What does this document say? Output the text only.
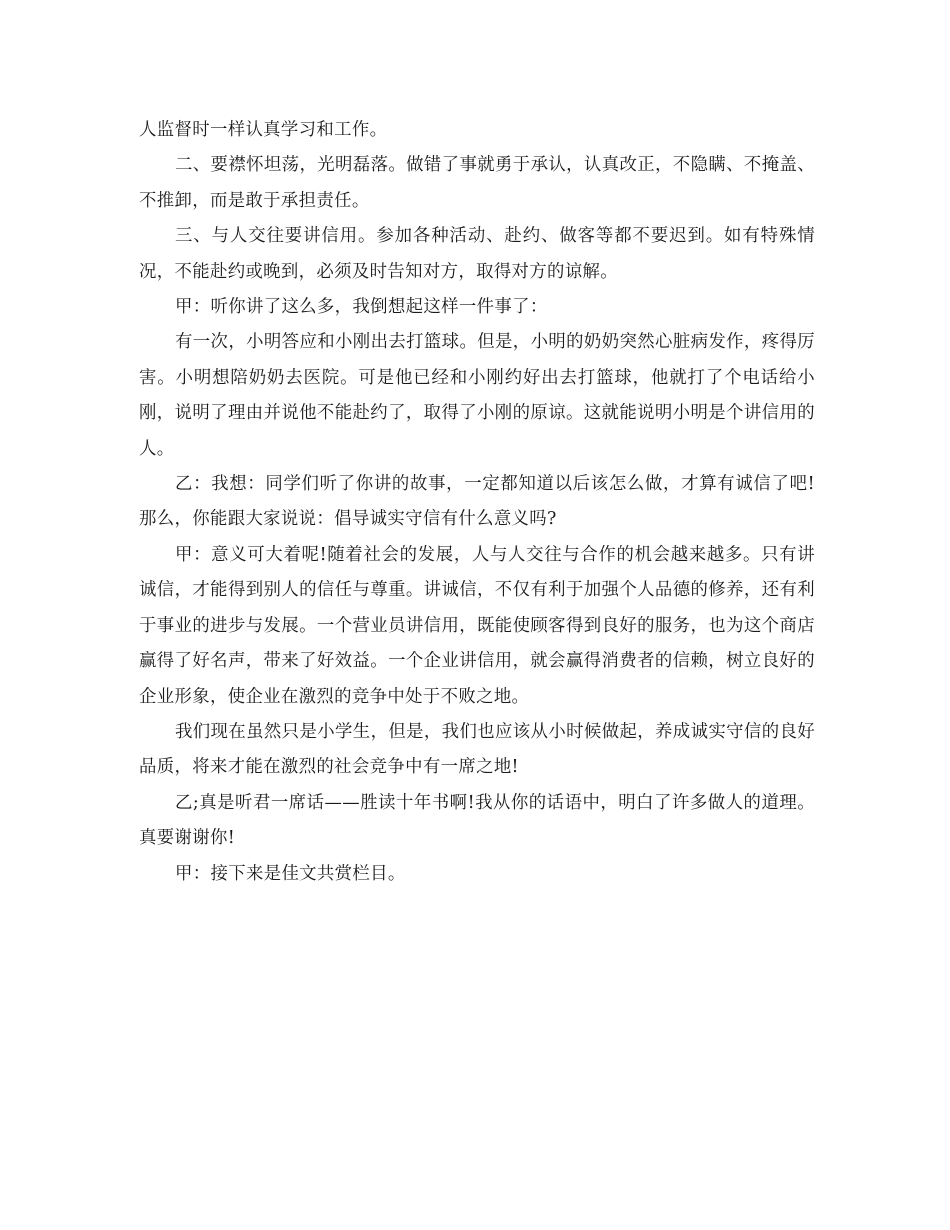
人监督时一样认真学习和工作。

二、要襟怀坦荡，光明磊落。做错了事就勇于承认，认真改正，不隐瞒、不掩盖、不推卸，而是敢于承担责任。

三、与人交往要讲信用。参加各种活动、赴约、做客等都不要迟到。如有特殊情况，不能赴约或晚到，必须及时告知对方，取得对方的谅解。

甲：听你讲了这么多，我倒想起这样一件事了：

有一次，小明答应和小刚出去打篮球。但是，小明的奶奶突然心脏病发作，疼得厉害。小明想陪奶奶去医院。可是他已经和小刚约好出去打篮球，他就打了个电话给小刚，说明了理由并说他不能赴约了，取得了小刚的原谅。这就能说明小明是个讲信用的人。

乙：我想：同学们听了你讲的故事，一定都知道以后该怎么做，才算有诚信了吧!那么，你能跟大家说说：倡导诚实守信有什么意义吗?

甲：意义可大着呢!随着社会的发展，人与人交往与合作的机会越来越多。只有讲诚信，才能得到别人的信任与尊重。讲诚信，不仅有利于加强个人品德的修养，还有利于事业的进步与发展。一个营业员讲信用，既能使顾客得到良好的服务，也为这个商店赢得了好名声，带来了好效益。一个企业讲信用，就会赢得消费者的信赖，树立良好的企业形象，使企业在激烈的竞争中处于不败之地。

我们现在虽然只是小学生，但是，我们也应该从小时候做起，养成诚实守信的良好品质，将来才能在激烈的社会竞争中有一席之地!

乙;真是听君一席话——胜读十年书啊!我从你的话语中，明白了许多做人的道理。真要谢谢你!

甲：接下来是佳文共赏栏目。
